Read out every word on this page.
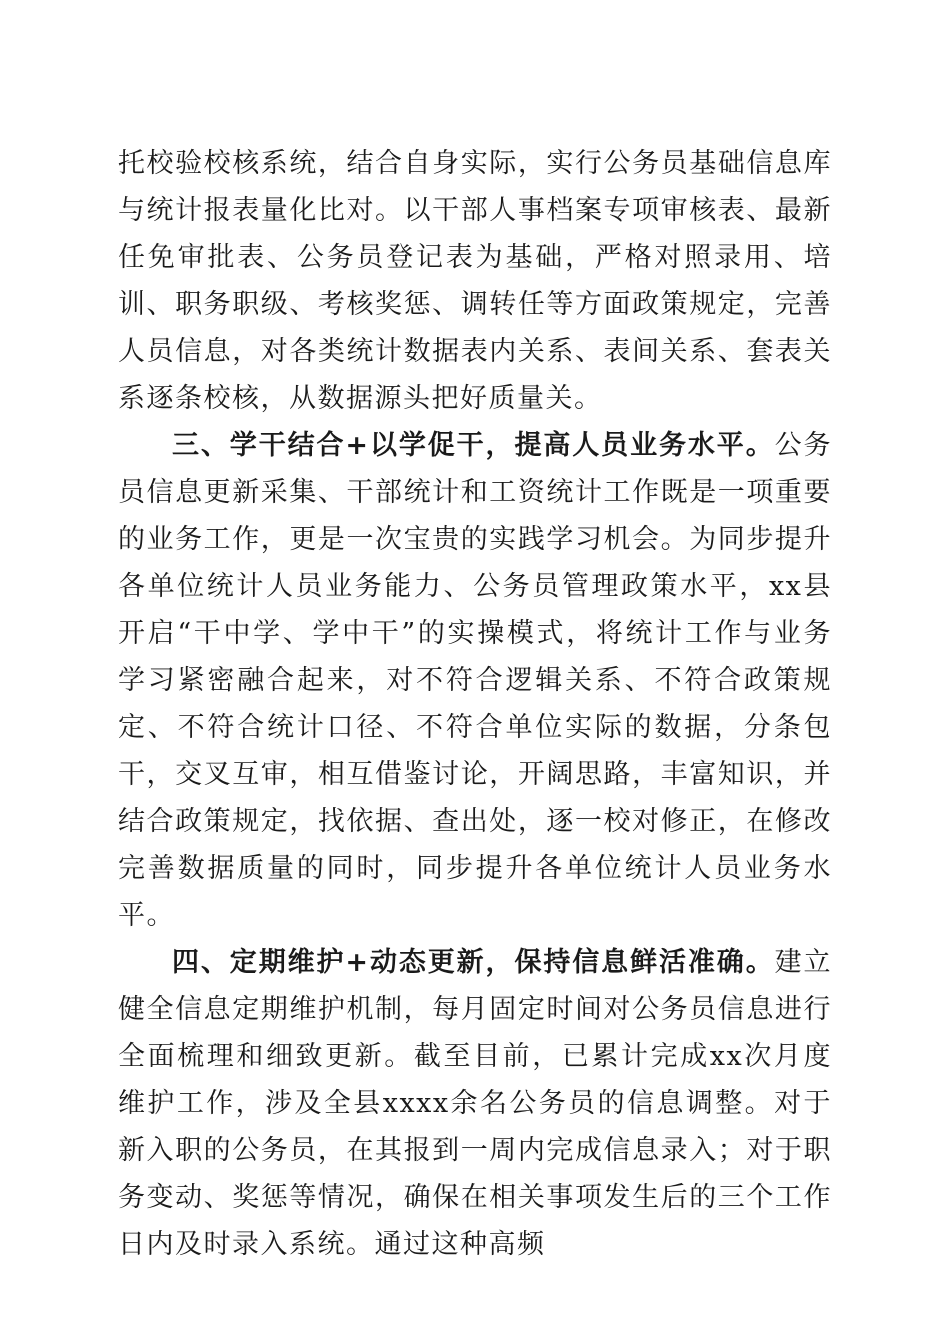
托校验校核系统，结合自身实际，实行公务员基础信息库与统计报表量化比对。以干部人事档案专项审核表、最新任免审批表、公务员登记表为基础，严格对照录用、培训、职务职级、考核奖惩、调转任等方面政策规定，完善人员信息，对各类统计数据表内关系、表间关系、套表关系逐条校核，从数据源头把好质量关。

三、学干结合+以学促干，提高人员业务水平。公务员信息更新采集、干部统计和工资统计工作既是一项重要的业务工作，更是一次宝贵的实践学习机会。为同步提升各单位统计人员业务能力、公务员管理政策水平，xx县开启“干中学、学中干”的实操模式，将统计工作与业务学习紧密融合起来，对不符合逻辑关系、不符合政策规定、不符合统计口径、不符合单位实际的数据，分条包干，交叉互审，相互借鉴讨论，开阔思路，丰富知识，并结合政策规定，找依据、查出处，逐一校对修正，在修改完善数据质量的同时，同步提升各单位统计人员业务水平。

四、定期维护+动态更新，保持信息鲜活准确。建立健全信息定期维护机制，每月固定时间对公务员信息进行全面梳理和细致更新。截至目前，已累计完成xx次月度维护工作，涉及全县xxxx余名公务员的信息调整。对于新入职的公务员，在其报到一周内完成信息录入；对于职务变动、奖惩等情况，确保在相关事项发生后的三个工作日内及时录入系统。通过这种高频
